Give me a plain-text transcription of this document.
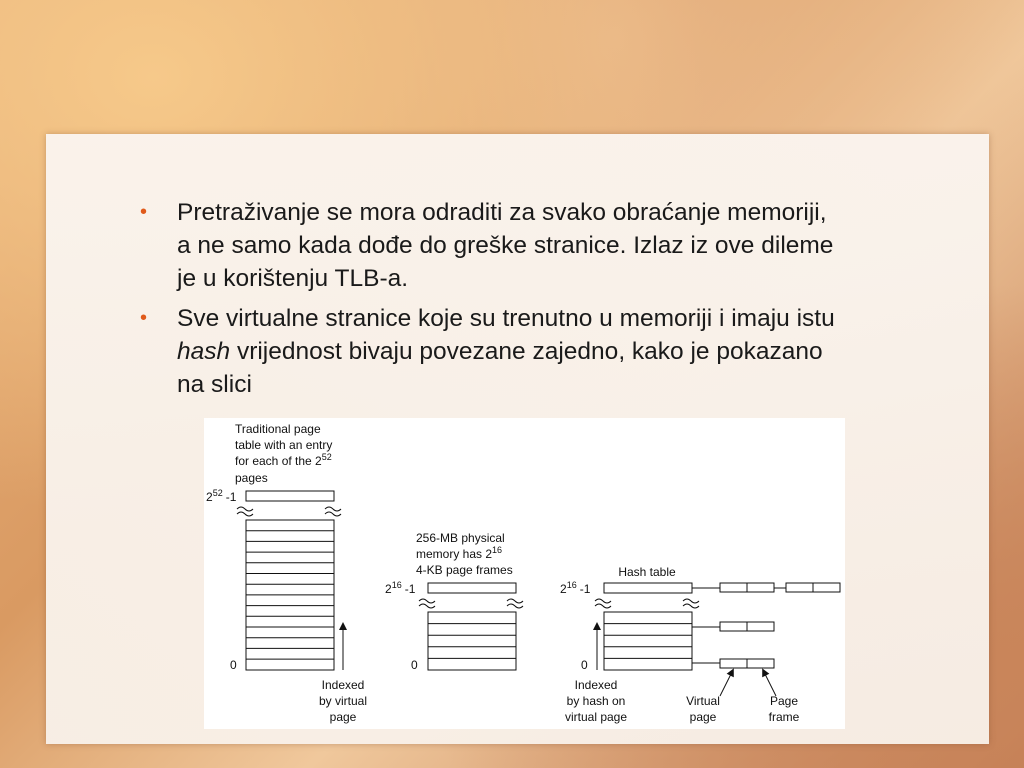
• Pretraživanje se mora odraditi za svako obraćanje memoriji, a ne samo kada dođe do greške stranice. Izlaz iz ove dileme je u korištenju TLB-a.
• Sve virtualne stranice koje su trenutno u memoriji i imaju istu hash vrijednost bivaju povezane zajedno, kako je pokazano na slici
Traditional page
table with an entry
for each of the $2^{52}$
pages
$2^{52}$ -1
0
Indexed
by virtual
page
256-MB physical
memory has $2^{16}$
4-KB page frames
$2^{16}$ -1
0
Hash table
$2^{16}$ -1
0
Indexed
by hash on
virtual page
Virtual
page
Page
frame
